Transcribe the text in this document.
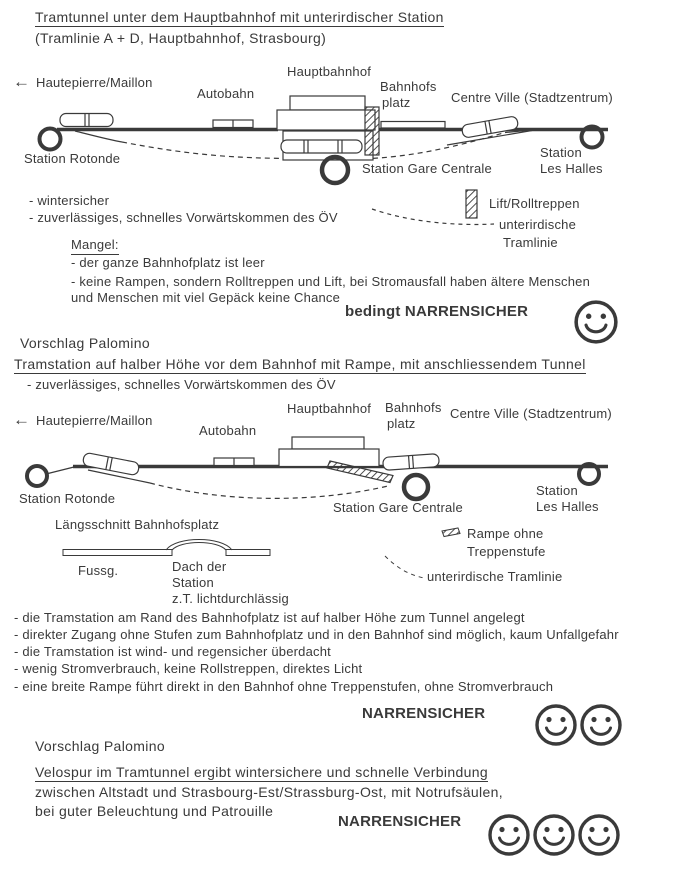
Tramtunnel unter dem Hauptbahnhof mit unterirdischer Station
(Tramlinie A + D, Hauptbahnhof, Strasbourg)
← Hautepierre/Maillon
Autobahn
Hauptbahnhof
Bahnhofs
platz	Centre Ville (Stadtzentrum)
Station Rotonde
Station Gare Centrale
Station
Les Halles
- wintersicher
- zuverlässiges, schnelles Vorwärtskommen des ÖV
Lift/Rolltreppen
unterirdische
Tramlinie
Mangel:
- der ganze Bahnhofplatz ist leer
- keine Rampen, sondern Rolltreppen und Lift, bei Stromausfall haben ältere Menschen
und Menschen mit viel Gepäck keine Chance
bedingt NARRENSICHER
Vorschlag Palomino
Tramstation auf halber Höhe vor dem Bahnhof mit Rampe, mit anschliessendem Tunnel
- zuverlässiges, schnelles Vorwärtskommen des ÖV
Hauptbahnhof Bahnhofs
platz
Centre Ville (Stadtzentrum)
← Hautepierre/Maillon
Autobahn
Station Rotonde
Station Gare Centrale
Station
Les Halles
Längsschnitt Bahnhofsplatz
Fussg.	Dach der
Station
z.T. lichtdurchlässig
Rampe ohne
Treppenstufe
unterirdische Tramlinie
- die Tramstation am Rand des Bahnhofplatz ist auf halber Höhe zum Tunnel angelegt
- direkter Zugang ohne Stufen zum Bahnhofplatz und in den Bahnhof sind möglich, kaum Unfallgefahr
- die Tramstation ist wind- und regensicher überdacht
- wenig Stromverbrauch, keine Rollstreppen, direktes Licht
- eine breite Rampe führt direkt in den Bahnhof ohne Treppenstufen, ohne Stromverbrauch
NARRENSICHER
Vorschlag Palomino
Velospur im Tramtunnel ergibt wintersichere und schnelle Verbindung
zwischen Altstadt und Strasbourg-Est/Strassburg-Ost, mit Notrufsäulen,
bei guter Beleuchtung und Patrouille
NARRENSICHER
